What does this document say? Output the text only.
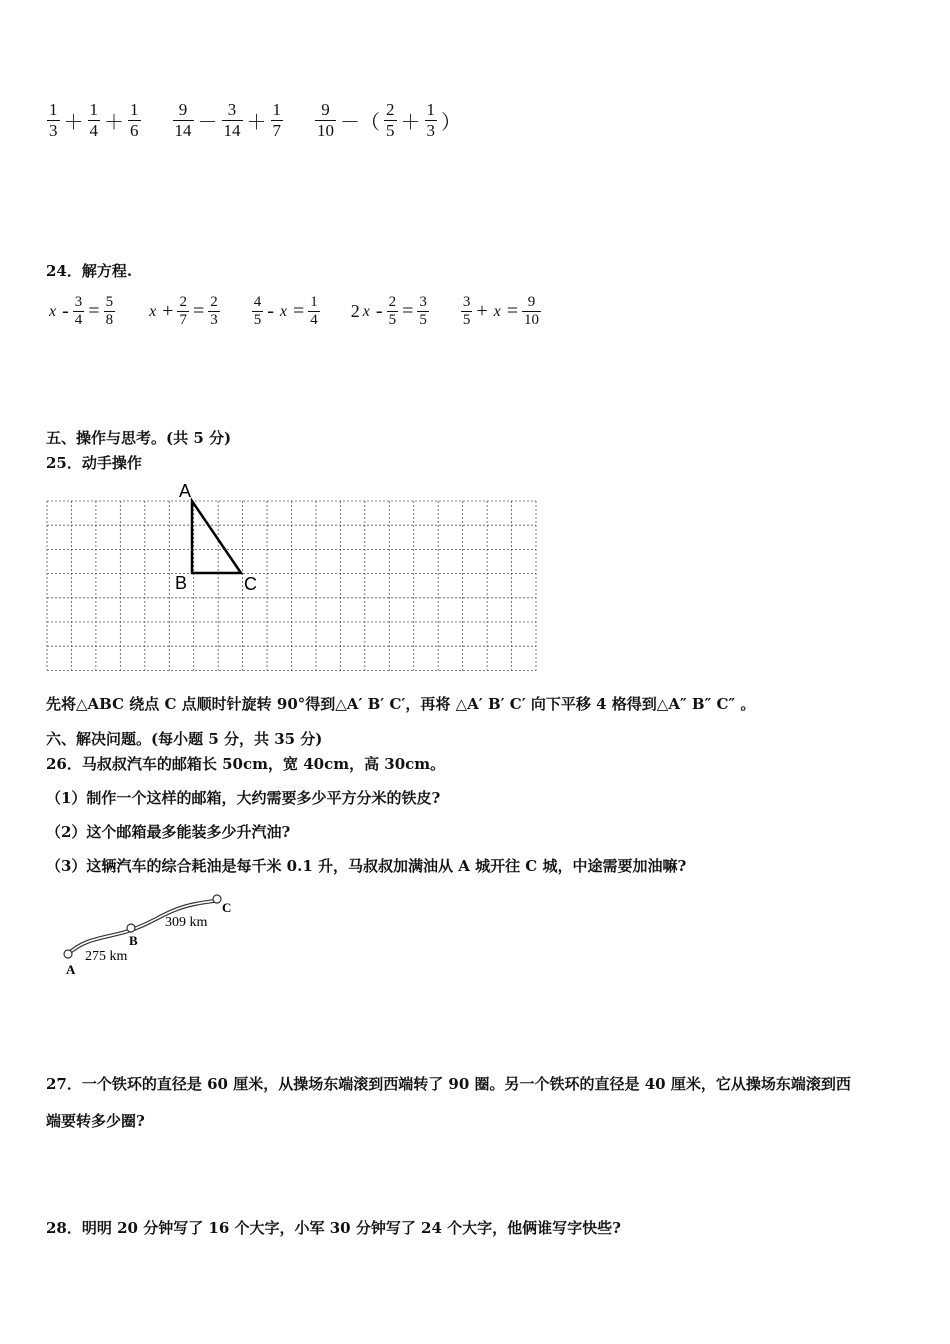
$\frac{1}{3} + \frac{1}{4} + \frac{1}{6} \frac{9}{14} - \frac{3}{14} + \frac{1}{7} \frac{9}{10}$ －（ $\frac{2}{5} + \frac{1}{3}$ ）
24．解方程.
$x - \frac{3}{4} = \frac{5}{8}$ $x + \frac{2}{7} = \frac{2}{3} \frac{4}{5} - x = \frac{1}{4} 2$ $x - \frac{2}{5} = \frac{3}{5} \frac{3}{5} + x = \frac{9}{10}$
五、操作与思考。(共 5 分)
25．动手操作
A
B	C
先将△ABC 绕点 C 点顺时针旋转 90°得到△A′ B′ C′，再将 △A′ B′ C′ 向下平移 4 格得到△A″ B″ C″ 。
六、解决问题。(每小题 5 分，共 35 分)
26．马叔叔汽车的邮箱长 50cm，宽 40cm，高 30cm。
（1）制作一个这样的邮箱，大约需要多少平方分米的铁皮?
（2）这个邮箱最多能装多少升汽油?
（3）这辆汽车的综合耗油是每千米 0.1 升，马叔叔加满油从 A 城开往 C 城，中途需要加油嘛?
A
B
C
275 km
309 km
27．一个铁环的直径是 60 厘米，从操场东端滚到西端转了 90 圈。另一个铁环的直径是 40 厘米，它从操场东端滚到西
端要转多少圈?
28．明明 20 分钟写了 16 个大字，小军 30 分钟写了 24 个大字，他俩谁写字快些?
